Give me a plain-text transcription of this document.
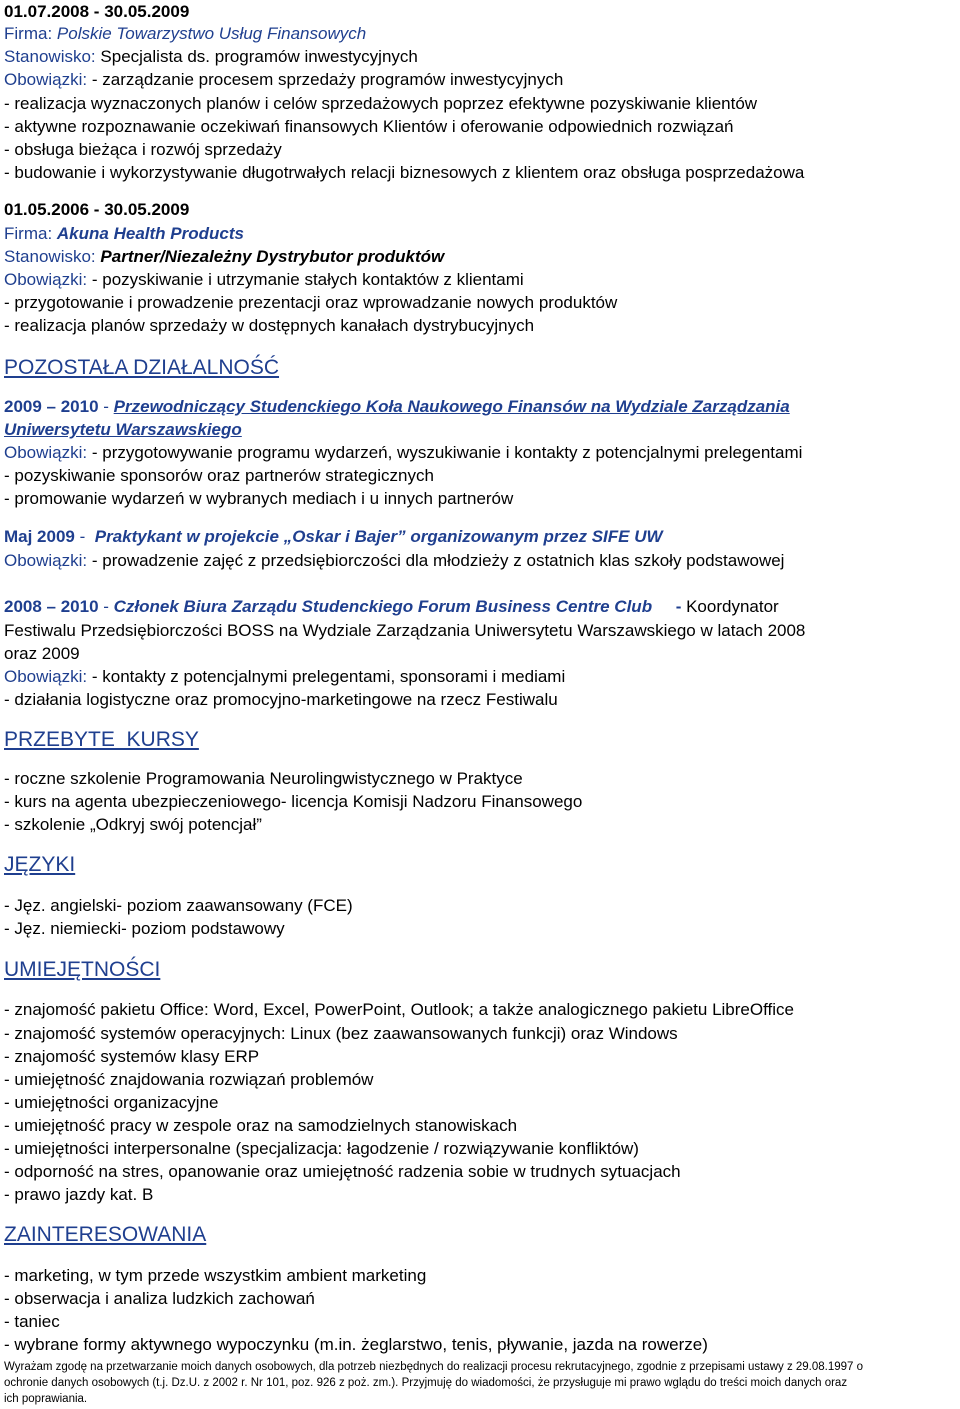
01.07.2008 - 30.05.2009
Firma: Polskie Towarzystwo Usług Finansowych
Stanowisko: Specjalista ds. programów inwestycyjnych
Obowiązki: - zarządzanie procesem sprzedaży programów inwestycyjnych
- realizacja wyznaczonych planów i celów sprzedażowych poprzez efektywne pozyskiwanie klientów
- aktywne rozpoznawanie oczekiwań finansowych Klientów i oferowanie odpowiednich rozwiązań
- obsługa bieżąca i rozwój sprzedaży
- budowanie i wykorzystywanie długotrwałych relacji biznesowych z klientem oraz obsługa posprzedażowa
01.05.2006 - 30.05.2009
Firma: Akuna Health Products
Stanowisko: Partner/Niezależny Dystrybutor produktów
Obowiązki: - pozyskiwanie i utrzymanie stałych kontaktów z klientami
- przygotowanie i prowadzenie prezentacji oraz wprowadzanie nowych produktów
- realizacja planów sprzedaży w dostępnych kanałach dystrybucyjnych
POZOSTAŁA DZIAŁALNOŚĆ
2009 – 2010 - Przewodniczący Studenckiego Koła Naukowego Finansów na Wydziale Zarządzania
Uniwersytetu Warszawskiego
Obowiązki: - przygotowywanie programu wydarzeń, wyszukiwanie i kontakty z potencjalnymi prelegentami
- pozyskiwanie sponsorów oraz partnerów strategicznych
- promowanie wydarzeń w wybranych mediach i u innych partnerów
Maj 2009 -  Praktykant w projekcie „Oskar i Bajer” organizowanym przez SIFE UW
Obowiązki: - prowadzenie zajęć z przedsiębiorczości dla młodzieży z ostatnich klas szkoły podstawowej
2008 – 2010 - Członek Biura Zarządu Studenckiego Forum Business Centre Club - Koordynator
Festiwalu Przedsiębiorczości BOSS na Wydziale Zarządzania Uniwersytetu Warszawskiego w latach 2008
oraz 2009
Obowiązki: - kontakty z potencjalnymi prelegentami, sponsorami i mediami
- działania logistyczne oraz promocyjno-marketingowe na rzecz Festiwalu
PRZEBYTE  KURSY
- roczne szkolenie Programowania Neurolingwistycznego w Praktyce
- kurs na agenta ubezpieczeniowego- licencja Komisji Nadzoru Finansowego
- szkolenie „Odkryj swój potencjał”
JĘZYKI
- Jęz. angielski- poziom zaawansowany (FCE)
- Jęz. niemiecki- poziom podstawowy
UMIEJĘTNOŚCI
- znajomość pakietu Office: Word, Excel, PowerPoint, Outlook; a także analogicznego pakietu LibreOffice
- znajomość systemów operacyjnych: Linux (bez zaawansowanych funkcji) oraz Windows
- znajomość systemów klasy ERP
- umiejętność znajdowania rozwiązań problemów
- umiejętności organizacyjne
- umiejętność pracy w zespole oraz na samodzielnych stanowiskach
- umiejętności interpersonalne (specjalizacja: łagodzenie / rozwiązywanie konfliktów)
- odporność na stres, opanowanie oraz umiejętność radzenia sobie w trudnych sytuacjach
- prawo jazdy kat. B
ZAINTERESOWANIA
- marketing, w tym przede wszystkim ambient marketing
- obserwacja i analiza ludzkich zachowań
- taniec
- wybrane formy aktywnego wypoczynku (m.in. żeglarstwo, tenis, pływanie, jazda na rowerze)
Wyrażam zgodę na przetwarzanie moich danych osobowych, dla potrzeb niezbędnych do realizacji procesu rekrutacyjnego, zgodnie z przepisami ustawy z 29.08.1997 o
ochronie danych osobowych (t.j. Dz.U. z 2002 r. Nr 101, poz. 926 z poż. zm.). Przyjmuję do wiadomości, że przysługuje mi prawo wglądu do treści moich danych oraz
ich poprawiania.
